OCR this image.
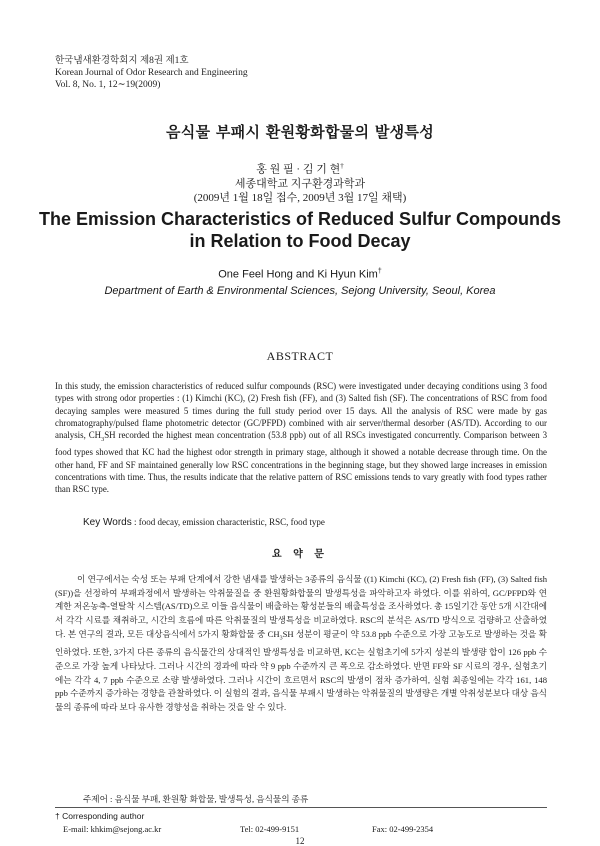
한국냄새환경학회지 제8권 제1호
Korean Journal of Odor Research and Engineering
Vol. 8, No. 1, 12∼19(2009)
음식물 부패시 환원황화합물의 발생특성
홍 원 필 · 김 기 현†
세종대학교 지구환경과학과
(2009년 1월 18일 접수, 2009년 3월 17일 채택)
The Emission Characteristics of Reduced Sulfur Compounds
in Relation to Food Decay
One Feel Hong and Ki Hyun Kim†
Department of Earth & Environmental Sciences, Sejong University, Seoul, Korea
ABSTRACT
In this study, the emission characteristics of reduced sulfur compounds (RSC) were investigated under decaying conditions using 3 food types with strong odor properties : (1) Kimchi (KC), (2) Fresh fish (FF), and (3) Salted fish (SF). The concentrations of RSC from food decaying samples were measured 5 times during the full study period over 15 days. All the analysis of RSC were made by gas chromatography/pulsed flame photometric detector (GC/PFPD) combined with air server/thermal desorber (AS/TD). According to our analysis, $CH_3SH$ recorded the highest mean concentration (53.8 ppb) out of all RSCs investigated concurrently. Comparison between 3 food types showed that KC had the highest odor strength in primary stage, although it showed a notable decrease through time. On the other hand, FF and SF maintained generally low RSC concentrations in the beginning stage, but they showed large increases in emission concentrations with time. Thus, the results indicate that the relative pattern of RSC emissions tends to vary greatly with food types rather than RSC type.
Key Words : food decay, emission characteristic, RSC, food type
요 약 문
이 연구에서는 숙성 또는 부패 단계에서 강한 냄새를 발생하는 3종류의 음식물 ((1) Kimchi (KC), (2) Fresh fish (FF), (3) Salted fish (SF))을 선정하여 부패과정에서 발생하는 악취물질을 중 환원황화합물의 발생특성을 파악하고자 하였다. 이를 위하여, GC/PFPD와 연계한 저온농축-열탈착 시스템(AS/TD)으로 이들 음식물이 배출하는 황성분들의 배출특성을 조사하였다. 총 15일기간 동안 5개 시간대에서 각각 시료를 채취하고, 시간의 흐름에 따른 악취물질의 발생특성을 비교하였다. RSC의 분석은 AS/TD 방식으로 검량하고 산출하였다. 본 연구의 결과, 모든 대상음식에서 5가지 황화합물 중 $CH_3SH$ 성분이 평균이 약 53.8 ppb 수준으로 가장 고농도로 발생하는 것을 확인하였다. 또한, 3가지 다른 종류의 음식물간의 상대적인 발생특성을 비교하면, KC는 실험초기에 5가지 성분의 발생량 합이 126 ppb 수준으로 가장 높게 나타났다. 그러나 시간의 경과에 따라 약 9 ppb 수준까지 큰 폭으로 감소하였다. 반면 FF와 SF 시료의 경우, 실험초기에는 각각 4, 7 ppb 수준으로 소량 발생하였다. 그러나 시간이 흐르면서 RSC의 발생이 점차 증가하여, 실험 최종일에는 각각 161, 148 ppb 수준까지 증가하는 경향을 관찰하였다. 이 실험의 결과, 음식물 부패시 발생하는 악취물질의 발생량은 개별 악취성분보다 대상 음식물의 종류에 따라 보다 유사한 경향성을 취하는 것을 알 수 있다.
주제어 : 음식물 부패, 환원황 화합물, 발생특성, 음식물의 종류
† Corresponding author
E-mail: khkim@sejong.ac.kr	Tel: 02-499-9151	Fax: 02-499-2354
12
